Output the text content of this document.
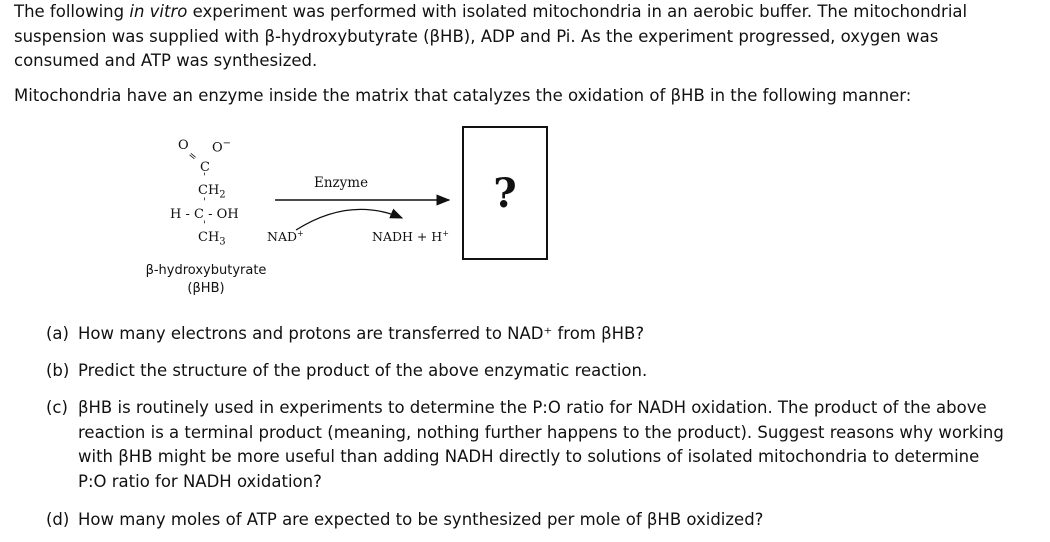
The following in vitro experiment was performed with isolated mitochondria in an aerobic buffer. The mitochondrial suspension was supplied with β-hydroxybutyrate (βHB), ADP and Pi. As the experiment progressed, oxygen was consumed and ATP was synthesized.
Mitochondria have an enzyme inside the matrix that catalyzes the oxidation of βHB in the following manner:
O O−
=
C
'
$CH_2$
'
H - C - OH
'
$CH_3$
β-hydroxybutyrate
(βHB)
Enzyme
NAD+	NADH + H+
?
(a) How many electrons and protons are transferred to NAD⁺ from βHB?
(b) Predict the structure of the product of the above enzymatic reaction.
(c) βHB is routinely used in experiments to determine the P:O ratio for NADH oxidation. The product of the above reaction is a terminal product (meaning, nothing further happens to the product). Suggest reasons why working with βHB might be more useful than adding NADH directly to solutions of isolated mitochondria to determine P:O ratio for NADH oxidation?
(d) How many moles of ATP are expected to be synthesized per mole of βHB oxidized?
